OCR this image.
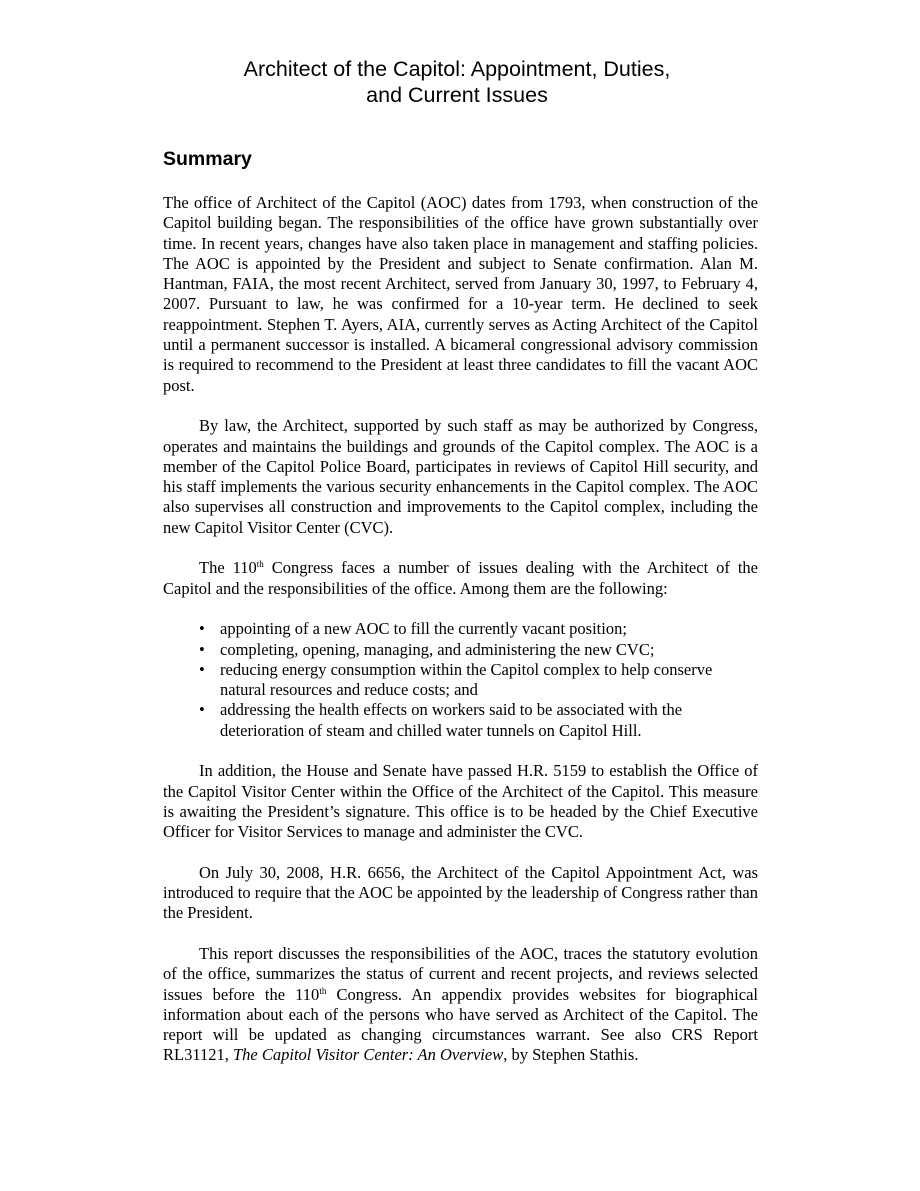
Architect of the Capitol: Appointment, Duties,
and Current Issues
Summary

The office of Architect of the Capitol (AOC) dates from 1793, when construction of the Capitol building began. The responsibilities of the office have grown substantially over time. In recent years, changes have also taken place in management and staffing policies. The AOC is appointed by the President and subject to Senate confirmation. Alan M. Hantman, FAIA, the most recent Architect, served from January 30, 1997, to February 4, 2007. Pursuant to law, he was confirmed for a 10-year term. He declined to seek reappointment. Stephen T. Ayers, AIA, currently serves as Acting Architect of the Capitol until a permanent successor is installed. A bicameral congressional advisory commission is required to recommend to the President at least three candidates to fill the vacant AOC post.

By law, the Architect, supported by such staff as may be authorized by Congress, operates and maintains the buildings and grounds of the Capitol complex. The AOC is a member of the Capitol Police Board, participates in reviews of Capitol Hill security, and his staff implements the various security enhancements in the Capitol complex. The AOC also supervises all construction and improvements to the Capitol complex, including the new Capitol Visitor Center (CVC).

The 110th Congress faces a number of issues dealing with the Architect of the Capitol and the responsibilities of the office. Among them are the following:

• appointing of a new AOC to fill the currently vacant position;
• completing, opening, managing, and administering the new CVC;
• reducing energy consumption within the Capitol complex to help conserve natural resources and reduce costs; and
• addressing the health effects on workers said to be associated with the deterioration of steam and chilled water tunnels on Capitol Hill.

In addition, the House and Senate have passed H.R. 5159 to establish the Office of the Capitol Visitor Center within the Office of the Architect of the Capitol. This measure is awaiting the President’s signature. This office is to be headed by the Chief Executive Officer for Visitor Services to manage and administer the CVC.

On July 30, 2008, H.R. 6656, the Architect of the Capitol Appointment Act, was introduced to require that the AOC be appointed by the leadership of Congress rather than the President.

This report discusses the responsibilities of the AOC, traces the statutory evolution of the office, summarizes the status of current and recent projects, and reviews selected issues before the 110th Congress. An appendix provides websites for biographical information about each of the persons who have served as Architect of the Capitol. The report will be updated as changing circumstances warrant. See also CRS Report RL31121, The Capitol Visitor Center: An Overview, by Stephen Stathis.
